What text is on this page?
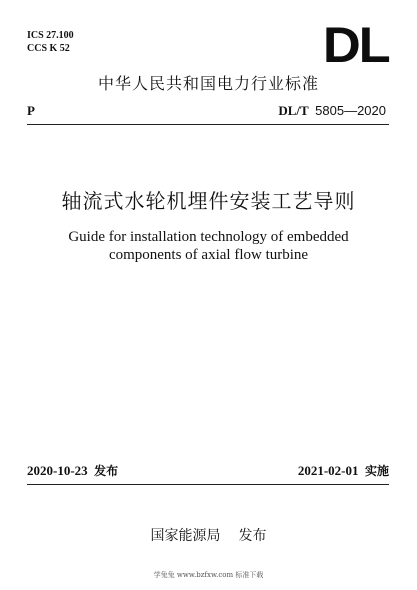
ICS 27.100
CCS K 52	DL
中华人民共和国电力行业标准
P	DL/T 5805—2020
轴流式水轮机埋件安装工艺导则
Guide for installation technology of embedded
components of axial flow turbine
2020-10-23 发布	2021-02-01 实施
国家能源局 发布
学兔兔 www.bzfxw.com 标准下载
